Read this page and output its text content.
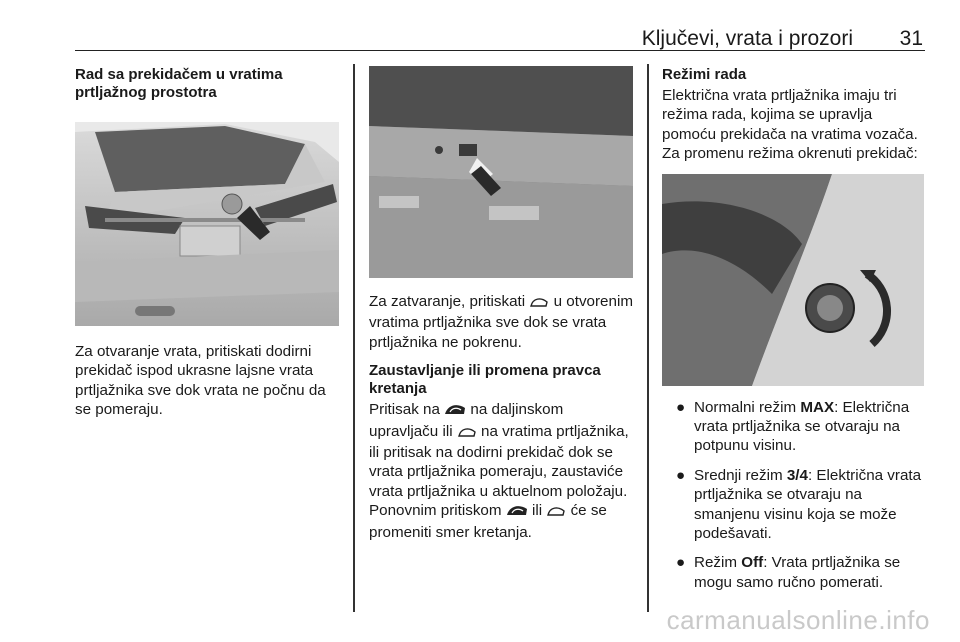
Ključevi, vrata i prozori 31
Rad sa prekidačem u vratima prtljažnog prostotra

Za otvaranje vrata, pritiskati dodirni prekidač ispod ukrasne lajsne vrata prtljažnika sve dok vrata ne počnu da se pomeraju.

Za zatvaranje, pritiskati u otvorenim vratima prtljažnika sve dok se vrata prtljažnika ne pokrenu.

Zaustavljanje ili promena pravca kretanja

Pritisak na na daljinskom upravljaču ili na vratima prtljažnika, ili pritisak na dodirni prekidač dok se vrata prtljažnika pomeraju, zaustaviće vrata prtljažnika u aktuelnom položaju. Ponovnim pritiskom ili će se promeniti smer kretanja.

Režimi rada

Električna vrata prtljažnika imaju tri režima rada, kojima se upravlja pomoću prekidača na vratima vozača. Za promenu režima okrenuti prekidač:

● Normalni režim MAX: Električna vrata prtljažnika se otvaraju na potpunu visinu.
● Srednji režim 3/4: Električna vrata prtljažnika se otvaraju na smanjenu visinu koja se može podešavati.
● Režim Off: Vrata prtljažnika se mogu samo ručno pomerati.
carmanualsonline.info
